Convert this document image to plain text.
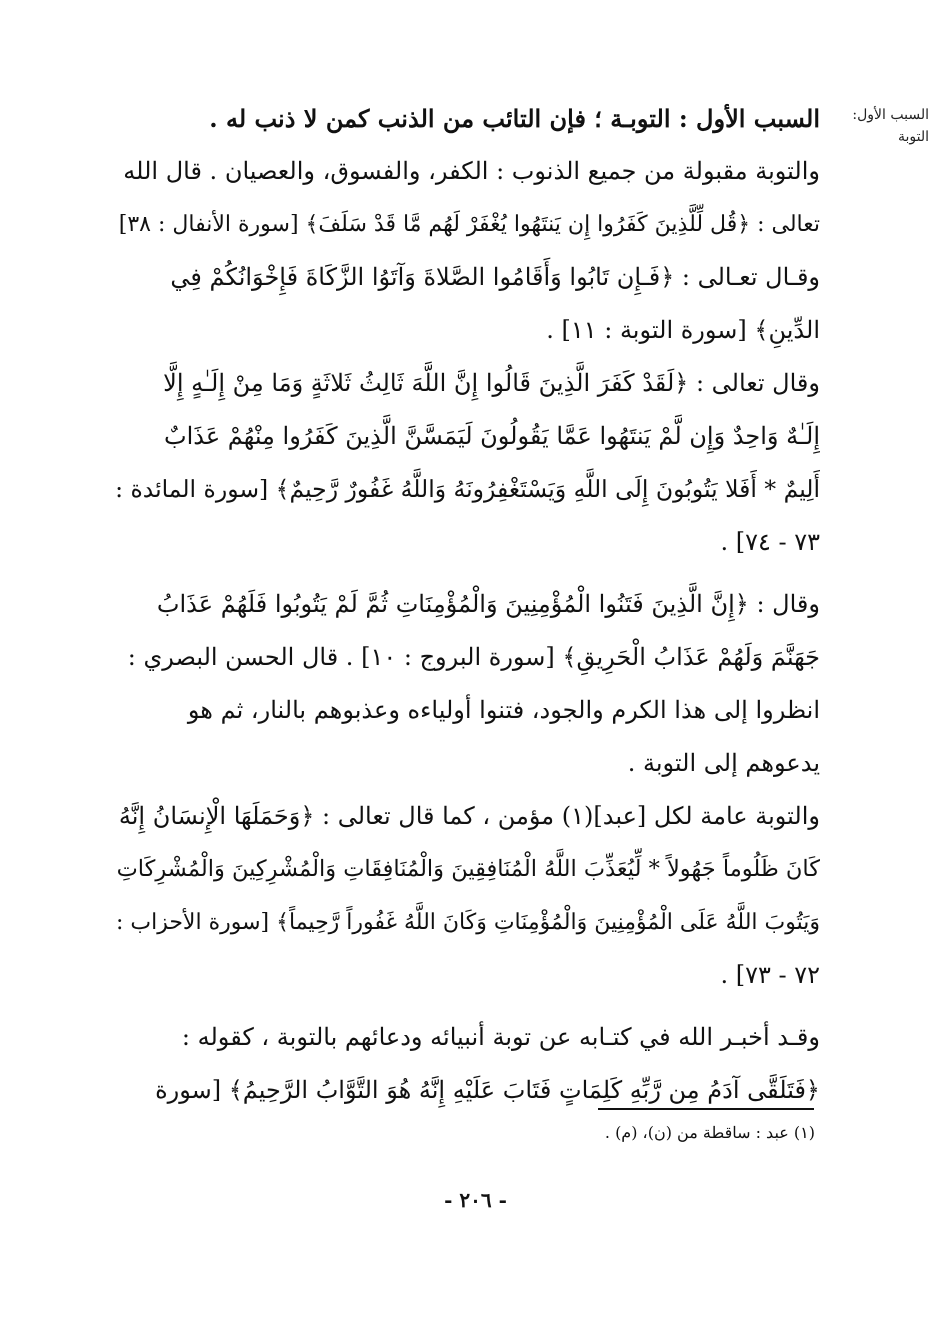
السبب الأول:
التوبة
السبب الأول : التوبـة ؛ فإن التائب من الذنب كمن لا ذنب له .
والتوبة مقبولة من جميع الذنوب : الكفر، والفسوق، والعصيان . قال الله
تعالى : ﴿قُل لِّلَّذِينَ كَفَرُوا إِن يَنتَهُوا يُغْفَرْ لَهُم مَّا قَدْ سَلَفَ﴾ [سورة الأنفال : ٣٨]
وقـال تعـالى : ﴿فَـإِن تَابُوا وَأَقَامُوا الصَّلاةَ وَآتَوُا الزَّكَاةَ فَإِخْوَانُكُمْ فِي
الدِّينِ﴾ [سورة التوبة : ١١] .
وقال تعالى : ﴿لَقَدْ كَفَرَ الَّذِينَ قَالُوا إِنَّ اللَّهَ ثَالِثُ ثَلاثَةٍ وَمَا مِنْ إِلَـٰهٍ إِلَّا
إِلَـٰهٌ وَاحِدٌ وَإِن لَّمْ يَنتَهُوا عَمَّا يَقُولُونَ لَيَمَسَّنَّ الَّذِينَ كَفَرُوا مِنْهُمْ عَذَابٌ
أَلِيمٌ * أَفَلا يَتُوبُونَ إِلَى اللَّهِ وَيَسْتَغْفِرُونَهُ وَاللَّهُ غَفُورٌ رَّحِيمٌ﴾ [سورة المائدة :
٧٣ - ٧٤] .
وقال : ﴿إِنَّ الَّذِينَ فَتَنُوا الْمُؤْمِنِينَ وَالْمُؤْمِنَاتِ ثُمَّ لَمْ يَتُوبُوا فَلَهُمْ عَذَابُ
جَهَنَّمَ وَلَهُمْ عَذَابُ الْحَرِيقِ﴾ [سورة البروج : ١٠] . قال الحسن البصري :
انظروا إلى هذا الكرم والجود، فتنوا أولياءه وعذبوهم بالنار، ثم هو
يدعوهم إلى التوبة .
والتوبة عامة لكل [عبد](١) مؤمن ، كما قال تعالى : ﴿وَحَمَلَهَا الْإِنسَانُ إِنَّهُ
كَانَ ظَلُوماً جَهُولاً * لِّيُعَذِّبَ اللَّهُ الْمُنَافِقِينَ وَالْمُنَافِقَاتِ وَالْمُشْرِكِينَ وَالْمُشْرِكَاتِ
وَيَتُوبَ اللَّهُ عَلَى الْمُؤْمِنِينَ وَالْمُؤْمِنَاتِ وَكَانَ اللَّهُ غَفُوراً رَّحِيماً﴾ [سورة الأحزاب :
٧٢ - ٧٣] .
وقـد أخبـر الله في كتـابه عن توبة أنبيائه ودعائهم بالتوبة ، كقوله :
﴿فَتَلَقَّى آدَمُ مِن رَّبِّهِ كَلِمَاتٍ فَتَابَ عَلَيْهِ إِنَّهُ هُوَ التَّوَّابُ الرَّحِيمُ﴾ [سورة
(١) عبد : ساقطة من (ن)، (م) .
- ٢٠٦ -
